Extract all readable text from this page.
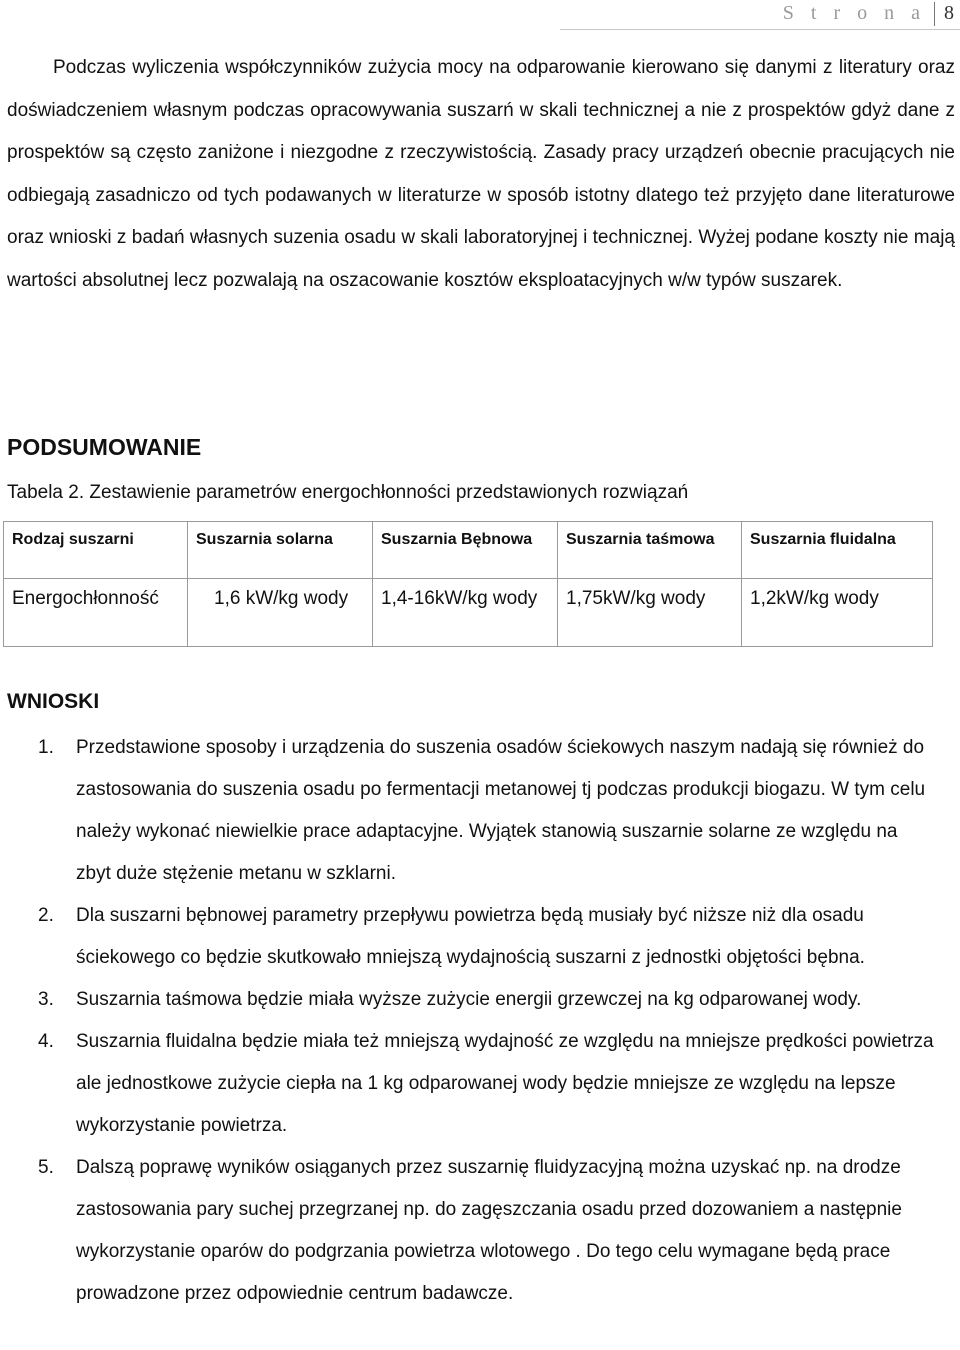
S t r o n a 8

Podczas wyliczenia współczynników zużycia mocy na odparowanie kierowano się danymi z literatury oraz doświadczeniem własnym podczas opracowywania suszarń w skali technicznej a nie z prospektów gdyż dane z prospektów są często zaniżone i niezgodne z rzeczywistością. Zasady pracy urządzeń obecnie pracujących nie odbiegają zasadniczo od tych podawanych w literaturze w sposób istotny dlatego też przyjęto dane literaturowe oraz wnioski z badań własnych suzenia osadu w skali laboratoryjnej i technicznej. Wyżej podane koszty nie mają wartości absolutnej lecz pozwalają na oszacowanie kosztów eksploatacyjnych w/w typów suszarek.

PODSUMOWANIE

Tabela 2. Zestawienie parametrów energochłonności przedstawionych rozwiązań

Rodzaj suszarni	Suszarnia solarna	Suszarnia Bębnowa	Suszarnia taśmowa	Suszarnia fluidalna
Energochłonność	1,6 kW/kg wody	1,4-16kW/kg wody	1,75kW/kg wody	1,2kW/kg wody
WNIOSKI
1. Przedstawione sposoby i urządzenia do suszenia osadów ściekowych naszym nadają się również do zastosowania do suszenia osadu po fermentacji metanowej tj podczas produkcji biogazu. W tym celu należy wykonać niewielkie prace adaptacyjne. Wyjątek stanowią suszarnie solarne ze względu na zbyt duże stężenie metanu w szklarni.
2. Dla suszarni bębnowej parametry przepływu powietrza będą musiały być niższe niż dla osadu ściekowego co będzie skutkowało mniejszą wydajnością suszarni z jednostki objętości bębna.
3. Suszarnia taśmowa będzie miała wyższe zużycie energii grzewczej na kg odparowanej wody.
4. Suszarnia fluidalna będzie miała też mniejszą wydajność ze względu na mniejsze prędkości powietrza ale jednostkowe zużycie ciepła na 1 kg odparowanej wody będzie mniejsze ze względu na lepsze wykorzystanie powietrza.
5. Dalszą poprawę wyników osiąganych przez suszarnię fluidyzacyjną można uzyskać np. na drodze zastosowania pary suchej przegrzanej np. do zagęszczania osadu przed dozowaniem a następnie wykorzystanie oparów do podgrzania powietrza wlotowego . Do tego celu wymagane będą prace prowadzone przez odpowiednie centrum badawcze.
